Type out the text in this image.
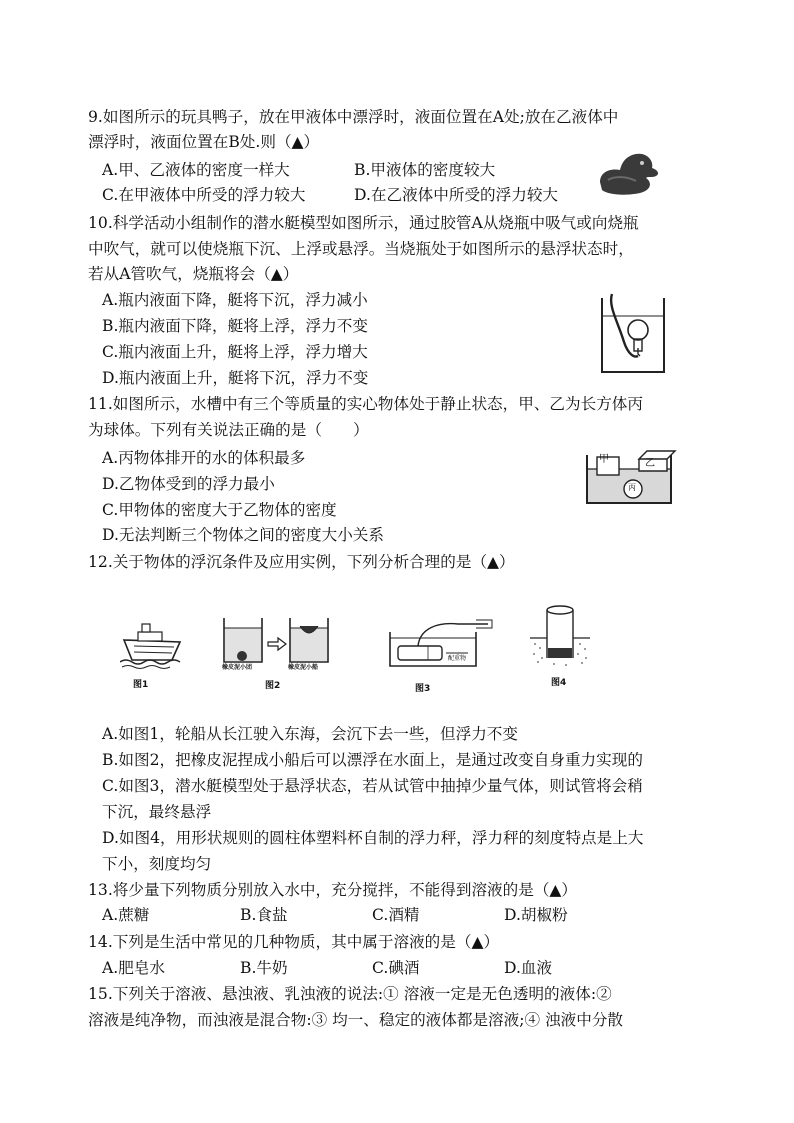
9.如图所示的玩具鸭子，放在甲液体中漂浮时，液面位置在A处;放在乙液体中
漂浮时，液面位置在B处.则（▲）
A.甲、乙液体的密度一样大	B.甲液体的密度较大
C.在甲液体中所受的浮力较大	D.在乙液体中所受的浮力较大
10.科学活动小组制作的潜水艇模型如图所示，通过胶管A从烧瓶中吸气或向烧瓶
中吹气，就可以使烧瓶下沉、上浮或悬浮。当烧瓶处于如图所示的悬浮状态时，
若从A管吹气，烧瓶将会（▲）
A.瓶内液面下降，艇将下沉，浮力减小
B.瓶内液面下降，艇将上浮，浮力不变
C.瓶内液面上升，艇将上浮，浮力增大
D.瓶内液面上升，艇将下沉，浮力不变
11.如图所示，水槽中有三个等质量的实心物体处于静止状态，甲、乙为长方体丙
为球体。下列有关说法正确的是（　　）
A.丙物体排开的水的体积最多
D.乙物体受到的浮力最小
C.甲物体的密度大于乙物体的密度
D.无法判断三个物体之间的密度大小关系
甲	乙
丙
12.关于物体的浮沉条件及应用实例，下列分析合理的是（▲）
图1
橡皮泥小团	橡皮泥小船
图2
配重物
图3
图4
A.如图1，轮船从长江驶入东海，会沉下去一些，但浮力不变
B.如图2，把橡皮泥捏成小船后可以漂浮在水面上，是通过改变自身重力实现的
C.如图3，潜水艇模型处于悬浮状态，若从试管中抽掉少量气体，则试管将会稍
下沉，最终悬浮
D.如图4，用形状规则的圆柱体塑料杯自制的浮力秤，浮力秤的刻度特点是上大
下小，刻度均匀
13.将少量下列物质分别放入水中，充分搅拌，不能得到溶液的是（▲）
A.蔗糖	B.食盐	C.酒精	D.胡椒粉
14.下列是生活中常见的几种物质，其中属于溶液的是（▲）
A.肥皂水	B.牛奶	C.碘酒	D.血液
15.下列关于溶液、悬浊液、乳浊液的说法:① 溶液一定是无色透明的液体:②
溶液是纯净物，而浊液是混合物:③ 均一、稳定的液体都是溶液;④ 浊液中分散
